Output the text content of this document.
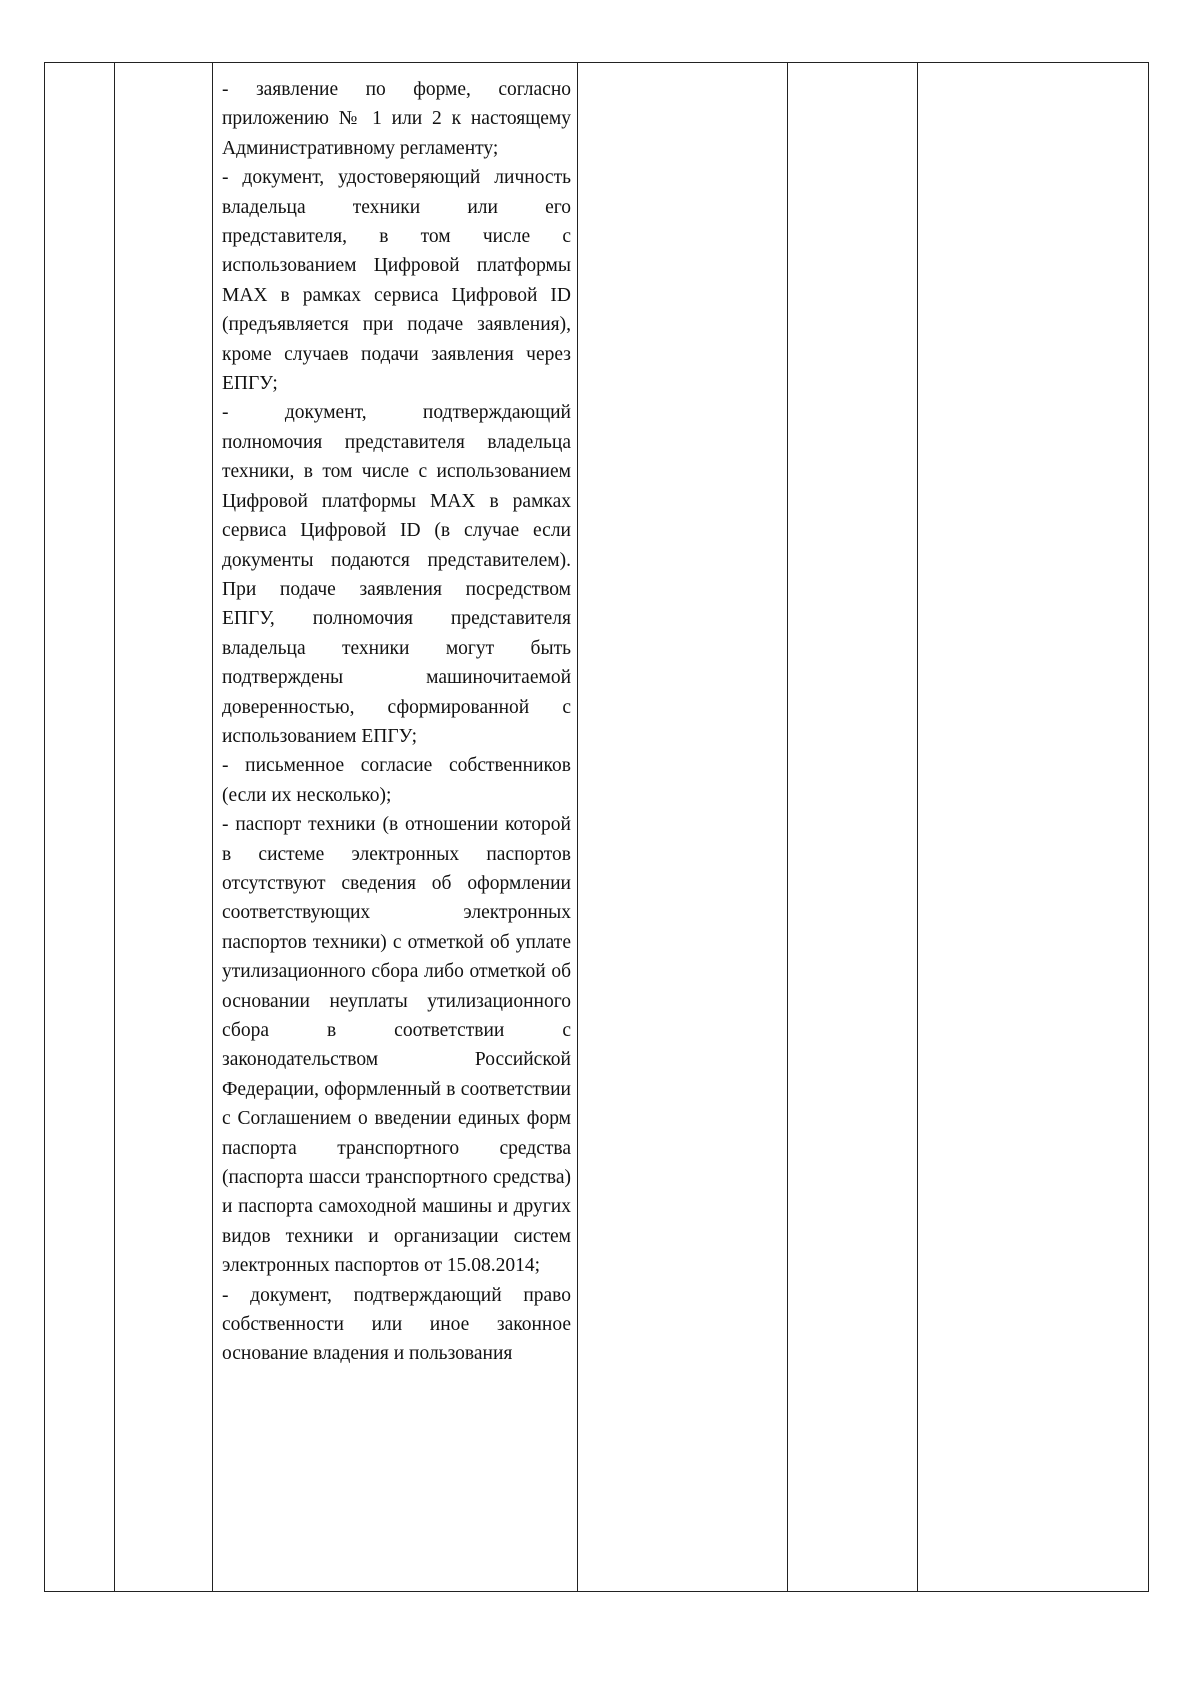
- заявление по форме, согласно приложению № 1 или 2 к настоящему Административному регламенту;

- документ, удостоверяющий личность владельца техники или его представителя, в том числе с использованием Цифровой платформы MAX в рамках сервиса Цифровой ID (предъявляется при подаче заявления), кроме случаев подачи заявления через ЕПГУ;

- документ, подтверждающий полномочия представителя владельца техники, в том числе с использованием Цифровой платформы MAX в рамках сервиса Цифровой ID (в случае если документы подаются представителем). При подаче заявления посредством ЕПГУ, полномочия представителя владельца техники могут быть подтверждены машиночитаемой доверенностью, сформированной с использованием ЕПГУ;

- письменное согласие собственников (если их несколько);

- паспорт техники (в отношении которой в системе электронных паспортов отсутствуют сведения об оформлении соответствующих электронных паспортов техники) с отметкой об уплате утилизационного сбора либо отметкой об основании неуплаты утилизационного сбора в соответствии с законодательством Российской Федерации, оформленный в соответствии с Соглашением о введении единых форм паспорта транспортного средства (паспорта шасси транспортного средства) и паспорта самоходной машины и других видов техники и организации систем электронных паспортов от 15.08.2014;

- документ, подтверждающий право собственности или иное законное основание владения и пользования
